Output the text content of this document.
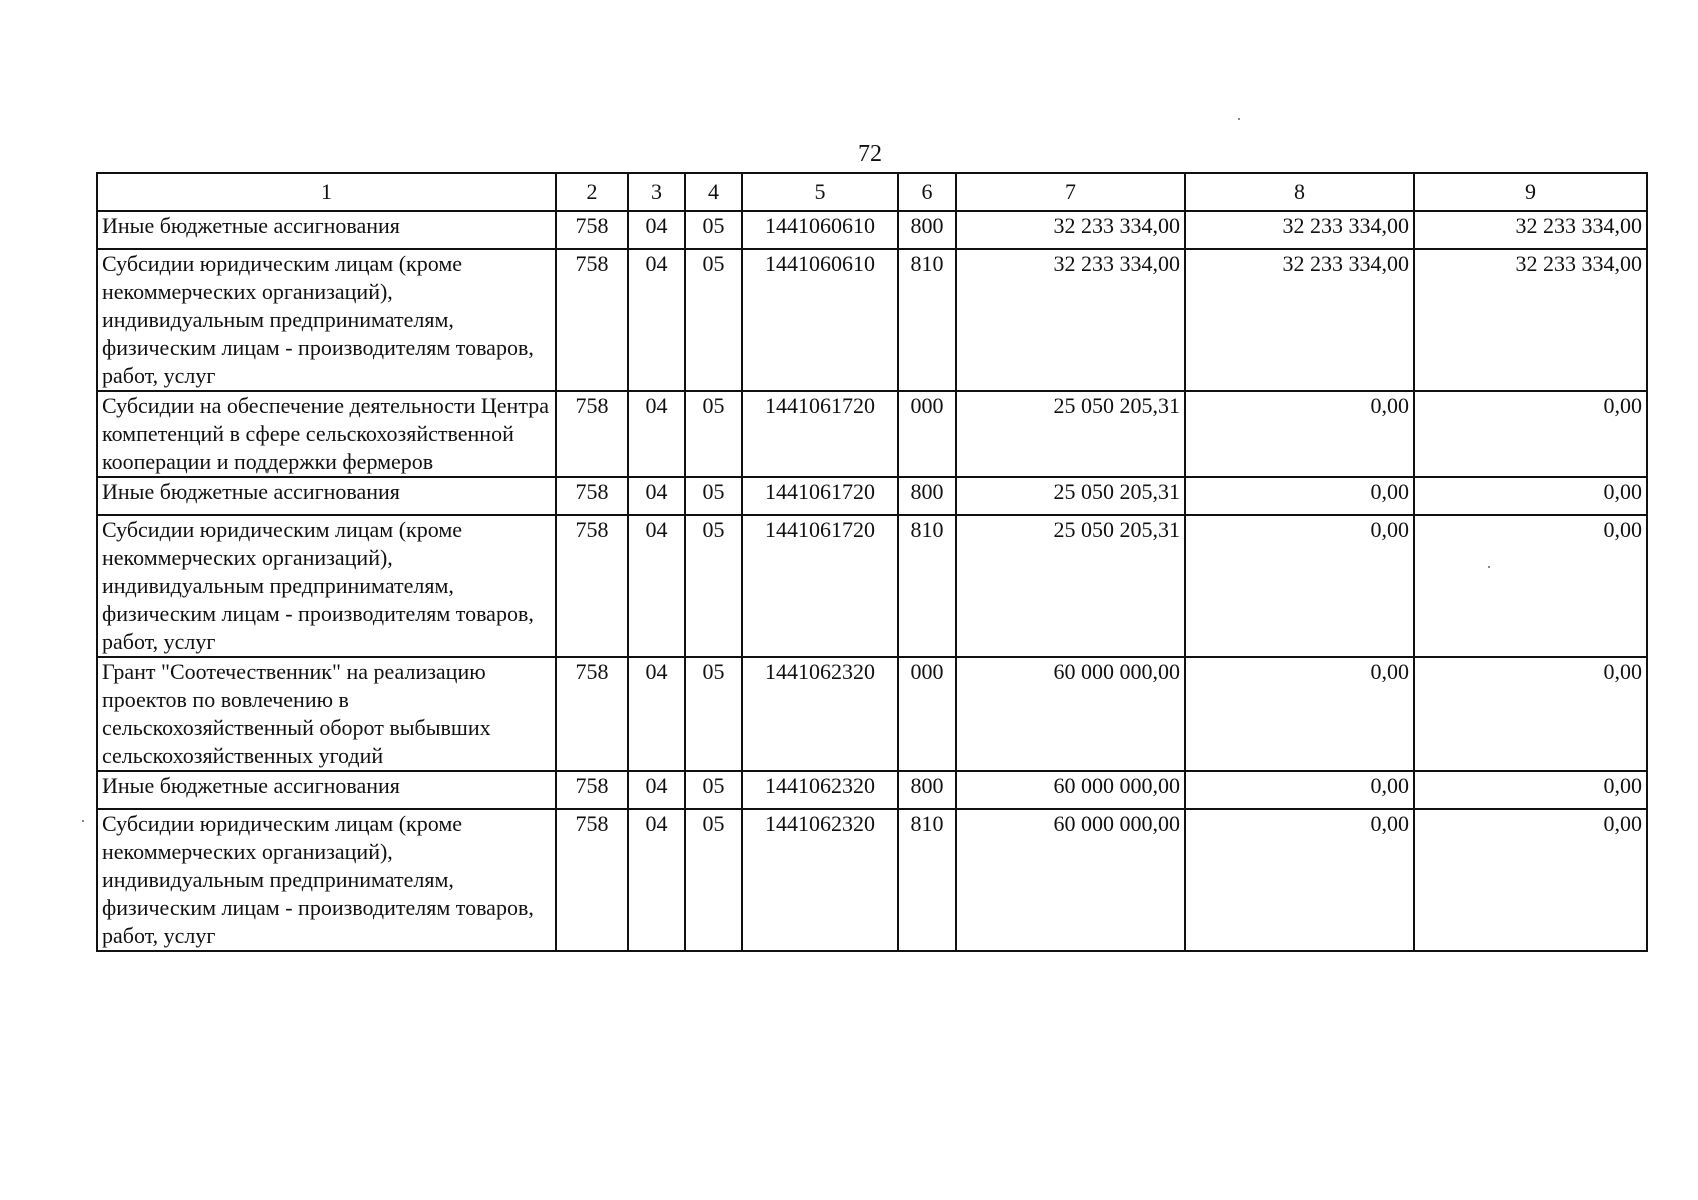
72
1	2	3	4	5	6	7	8	9
Иные бюджетные ассигнования	758	04	05	1441060610	800	32 233 334,00	32 233 334,00	32 233 334,00
Субсидии юридическим лицам (кроме некоммерческих организаций), индивидуальным предпринимателям, физическим лицам - производителям товаров, работ, услуг	758	04	05	1441060610	810	32 233 334,00	32 233 334,00	32 233 334,00
Субсидии на обеспечение деятельности Центра компетенций в сфере сельскохозяйственной кооперации и поддержки фермеров	758	04	05	1441061720	000	25 050 205,31	0,00	0,00
Иные бюджетные ассигнования	758	04	05	1441061720	800	25 050 205,31	0,00	0,00
Субсидии юридическим лицам (кроме некоммерческих организаций), индивидуальным предпринимателям, физическим лицам - производителям товаров, работ, услуг	758	04	05	1441061720	810	25 050 205,31	0,00	0,00
Грант "Соотечественник" на реализацию проектов по вовлечению в сельскохозяйственный оборот выбывших сельскохозяйственных угодий	758	04	05	1441062320	000	60 000 000,00	0,00	0,00
Иные бюджетные ассигнования	758	04	05	1441062320	800	60 000 000,00	0,00	0,00
Субсидии юридическим лицам (кроме некоммерческих организаций), индивидуальным предпринимателям, физическим лицам - производителям товаров, работ, услуг	758	04	05	1441062320	810	60 000 000,00	0,00	0,00
